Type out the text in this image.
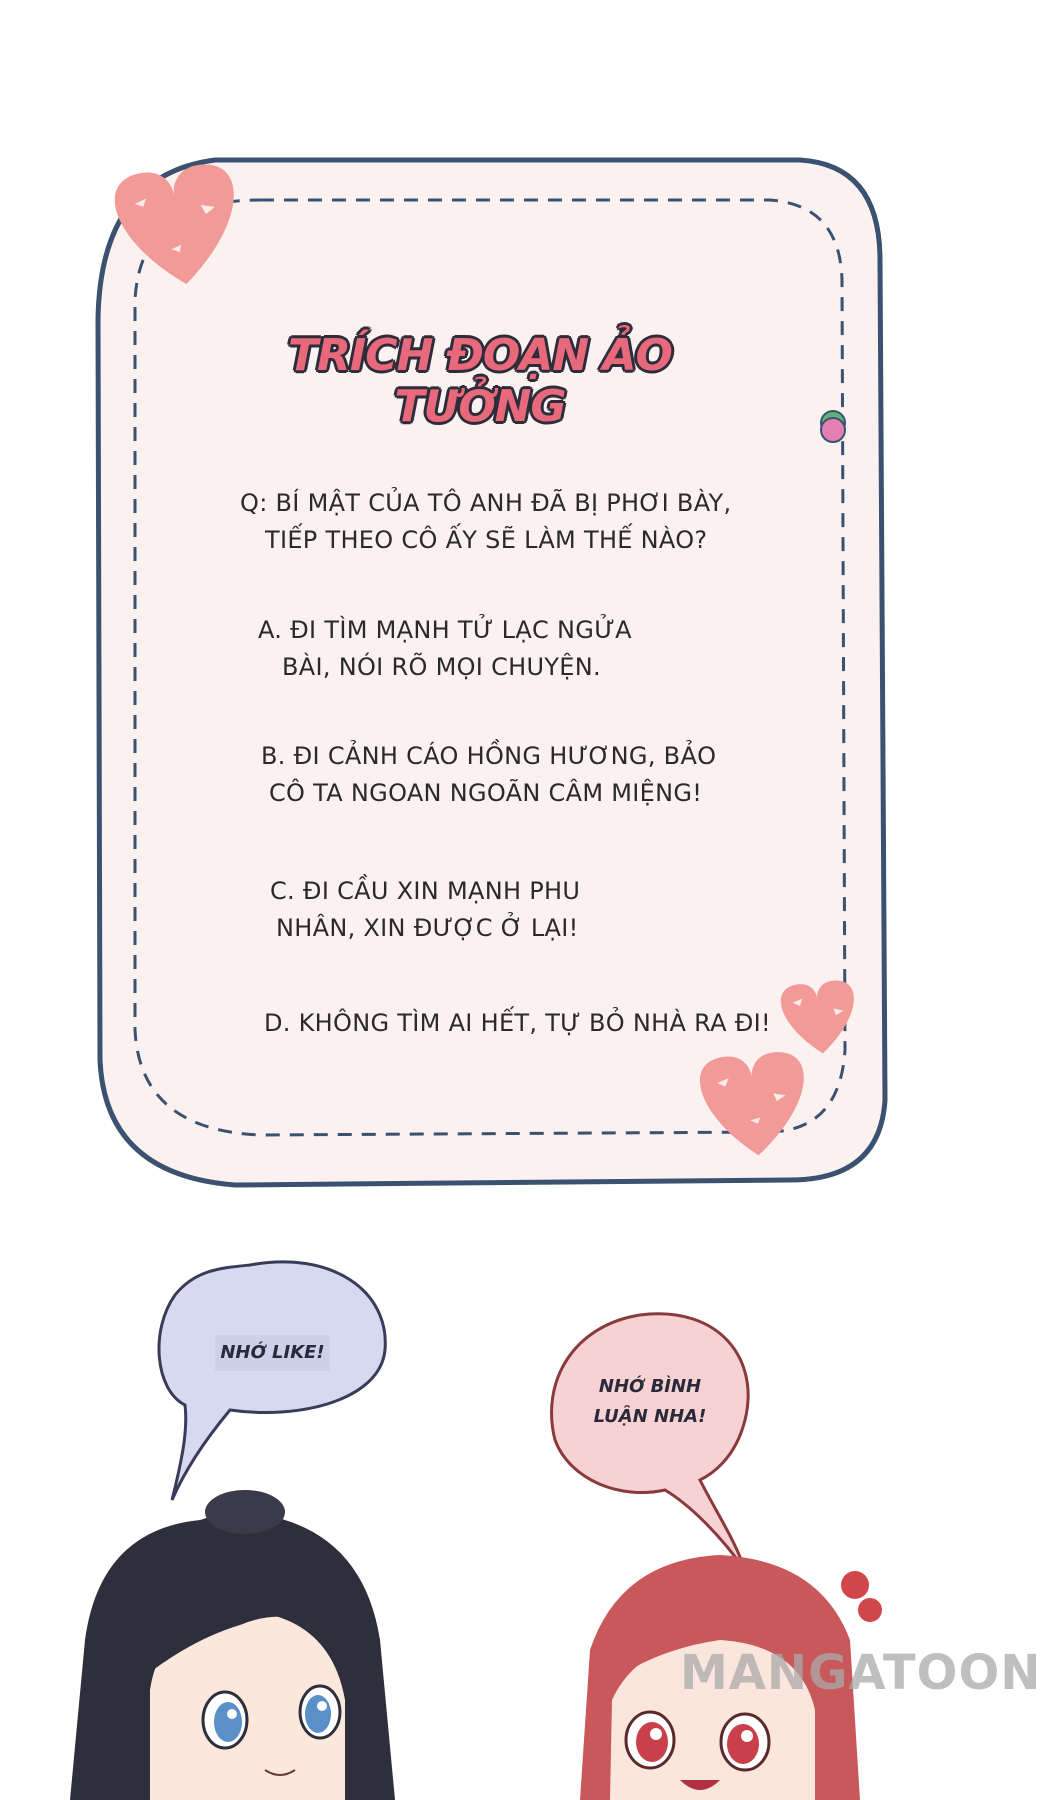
TRÍCH ĐOẠN ẢO TƯỞNG
Q: BÍ MẬT CỦA TÔ ANH ĐÃ BỊ PHƠI BÀY,
TIẾP THEO CÔ ẤY SẼ LÀM THẾ NÀO?
A. ĐI TÌM MẠNH TỬ LẠC NGỬA
BÀI, NÓI RÕ MỌI CHUYỆN.
B. ĐI CẢNH CÁO HỒNG HƯƠNG, BẢO
CÔ TA NGOAN NGOÃN CÂM MIỆNG!
C. ĐI CẦU XIN MẠNH PHU
NHÂN, XIN ĐƯỢC Ở LẠI!
D. KHÔNG TÌM AI HẾT, TỰ BỎ NHÀ RA ĐI!
NHỚ LIKE!
NHỚ BÌNH
LUẬN NHA!
MANGATOON
